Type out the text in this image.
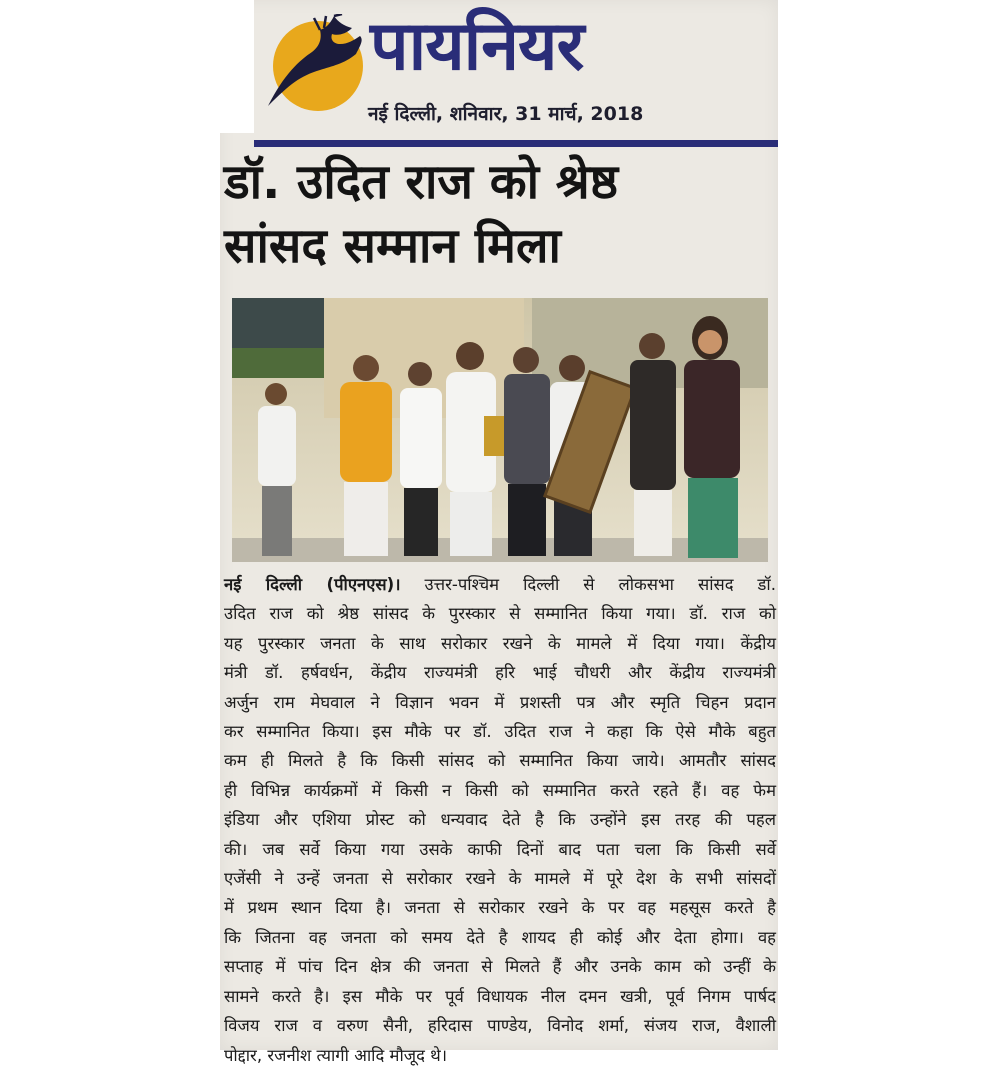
पायनियर
नई दिल्ली, शनिवार, 31 मार्च, 2018
डॉ. उदित राज को श्रेष्ठ
सांसद सम्मान मिला
नई दिल्ली (पीएनएस)। उत्तर-पश्चिम दिल्ली से लोकसभा सांसद डॉ.
उदित राज को श्रेष्ठ सांसद के पुरस्कार से सम्मानित किया गया। डॉ. राज को
यह पुरस्कार जनता के साथ सरोकार रखने के मामले में दिया गया। केंद्रीय
मंत्री डॉ. हर्षवर्धन, केंद्रीय राज्यमंत्री हरि भाई चौधरी और केंद्रीय राज्यमंत्री
अर्जुन राम मेघवाल ने विज्ञान भवन में प्रशस्ती पत्र और स्मृति चिहन प्रदान
कर सम्मानित किया। इस मौके पर डॉ. उदित राज ने कहा कि ऐसे मौके बहुत
कम ही मिलते है कि किसी सांसद को सम्मानित किया जाये। आमतौर सांसद
ही विभिन्न कार्यक्रमों में किसी न किसी को सम्मानित करते रहते हैं। वह फेम
इंडिया और एशिया प्रोस्ट को धन्यवाद देते है कि उन्होंने इस तरह की पहल
की। जब सर्वे किया गया उसके काफी दिनों बाद पता चला कि किसी सर्वे
एजेंसी ने उन्हें जनता से सरोकार रखने के मामले में पूरे देश के सभी सांसदों
में प्रथम स्थान दिया है। जनता से सरोकार रखने के पर वह महसूस करते है
कि जितना वह जनता को समय देते है शायद ही कोई और देता होगा। वह
सप्ताह में पांच दिन क्षेत्र की जनता से मिलते हैं और उनके काम को उन्हीं के
सामने करते है। इस मौके पर पूर्व विधायक नील दमन खत्री, पूर्व निगम पार्षद
विजय राज व वरुण सैनी, हरिदास पाण्डेय, विनोद शर्मा, संजय राज, वैशाली
पोद्दार, रजनीश त्यागी आदि मौजूद थे।
